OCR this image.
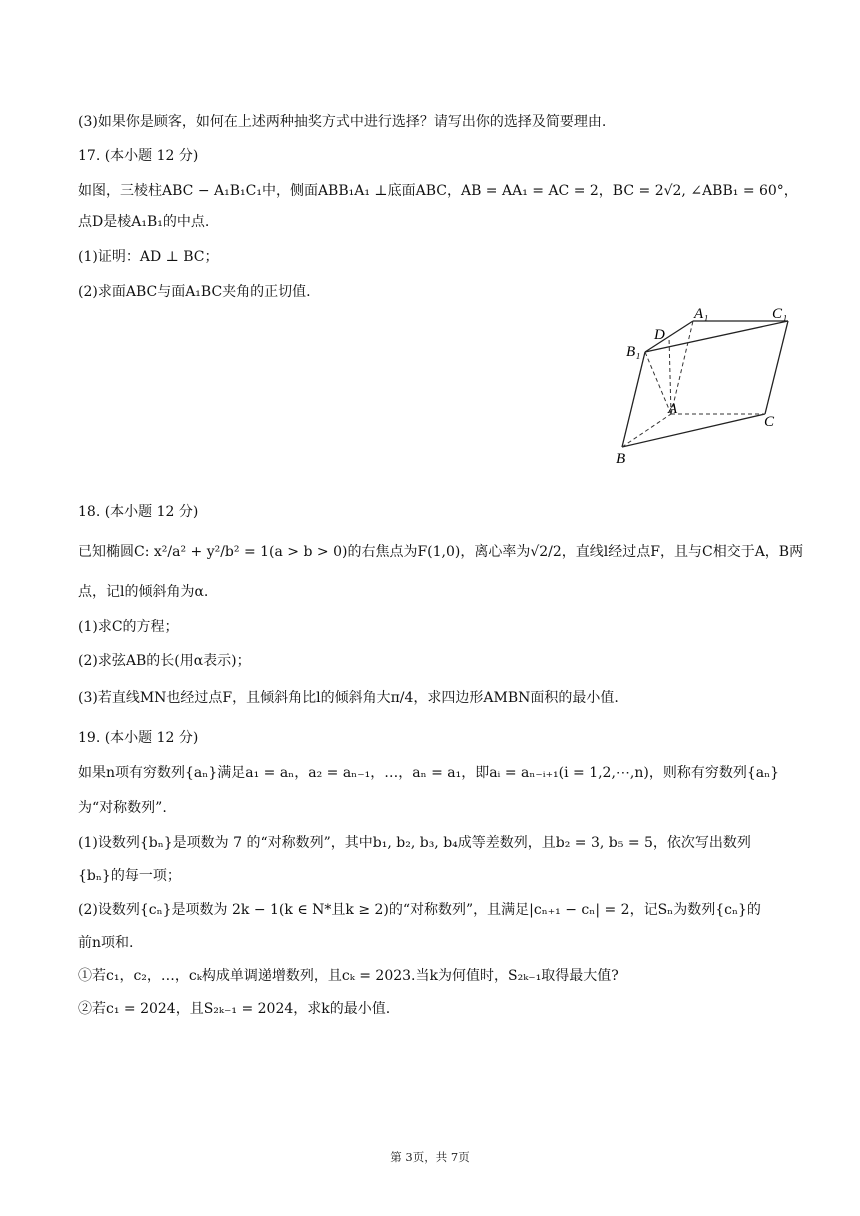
(3)如果你是顾客，如何在上述两种抽奖方式中进行选择？请写出你的选择及简要理由.
17. (本小题 12 分)
如图，三棱柱ABC − A₁B₁C₁中，侧面ABB₁A₁ ⊥底面ABC，AB = AA₁ = AC = 2，BC = 2√2, ∠ABB₁ = 60°，
点D是棱A₁B₁的中点.
(1)证明：AD ⊥ BC；
(2)求面ABC与面A₁BC夹角的正切值.
A₁	C₁
D
B₁
A
C
B
18. (本小题 12 分)
已知椭圆C: x²/a² + y²/b² = 1(a > b > 0)的右焦点为F(1,0)，离心率为√2/2，直线l经过点F，且与C相交于A，B两
点，记l的倾斜角为α.
(1)求C的方程；
(2)求弦AB的长(用α表示)；
(3)若直线MN也经过点F，且倾斜角比l的倾斜角大π/4，求四边形AMBN面积的最小值.
19. (本小题 12 分)
如果n项有穷数列{aₙ}满足a₁ = aₙ，a₂ = aₙ₋₁，…，aₙ = a₁，即aᵢ = aₙ₋ᵢ₊₁(i = 1,2,⋯,n)，则称有穷数列{aₙ}
为“对称数列”.
(1)设数列{bₙ}是项数为 7 的“对称数列”，其中b₁, b₂, b₃, b₄成等差数列，且b₂ = 3, b₅ = 5，依次写出数列
{bₙ}的每一项；
(2)设数列{cₙ}是项数为 2k − 1(k ∈ N*且k ≥ 2)的“对称数列”，且满足|cₙ₊₁ − cₙ| = 2，记Sₙ为数列{cₙ}的
前n项和.
①若c₁，c₂，…，cₖ构成单调递增数列，且cₖ = 2023.当k为何值时，S₂ₖ₋₁取得最大值?
②若c₁ = 2024，且S₂ₖ₋₁ = 2024，求k的最小值.
第 3页，共 7页
